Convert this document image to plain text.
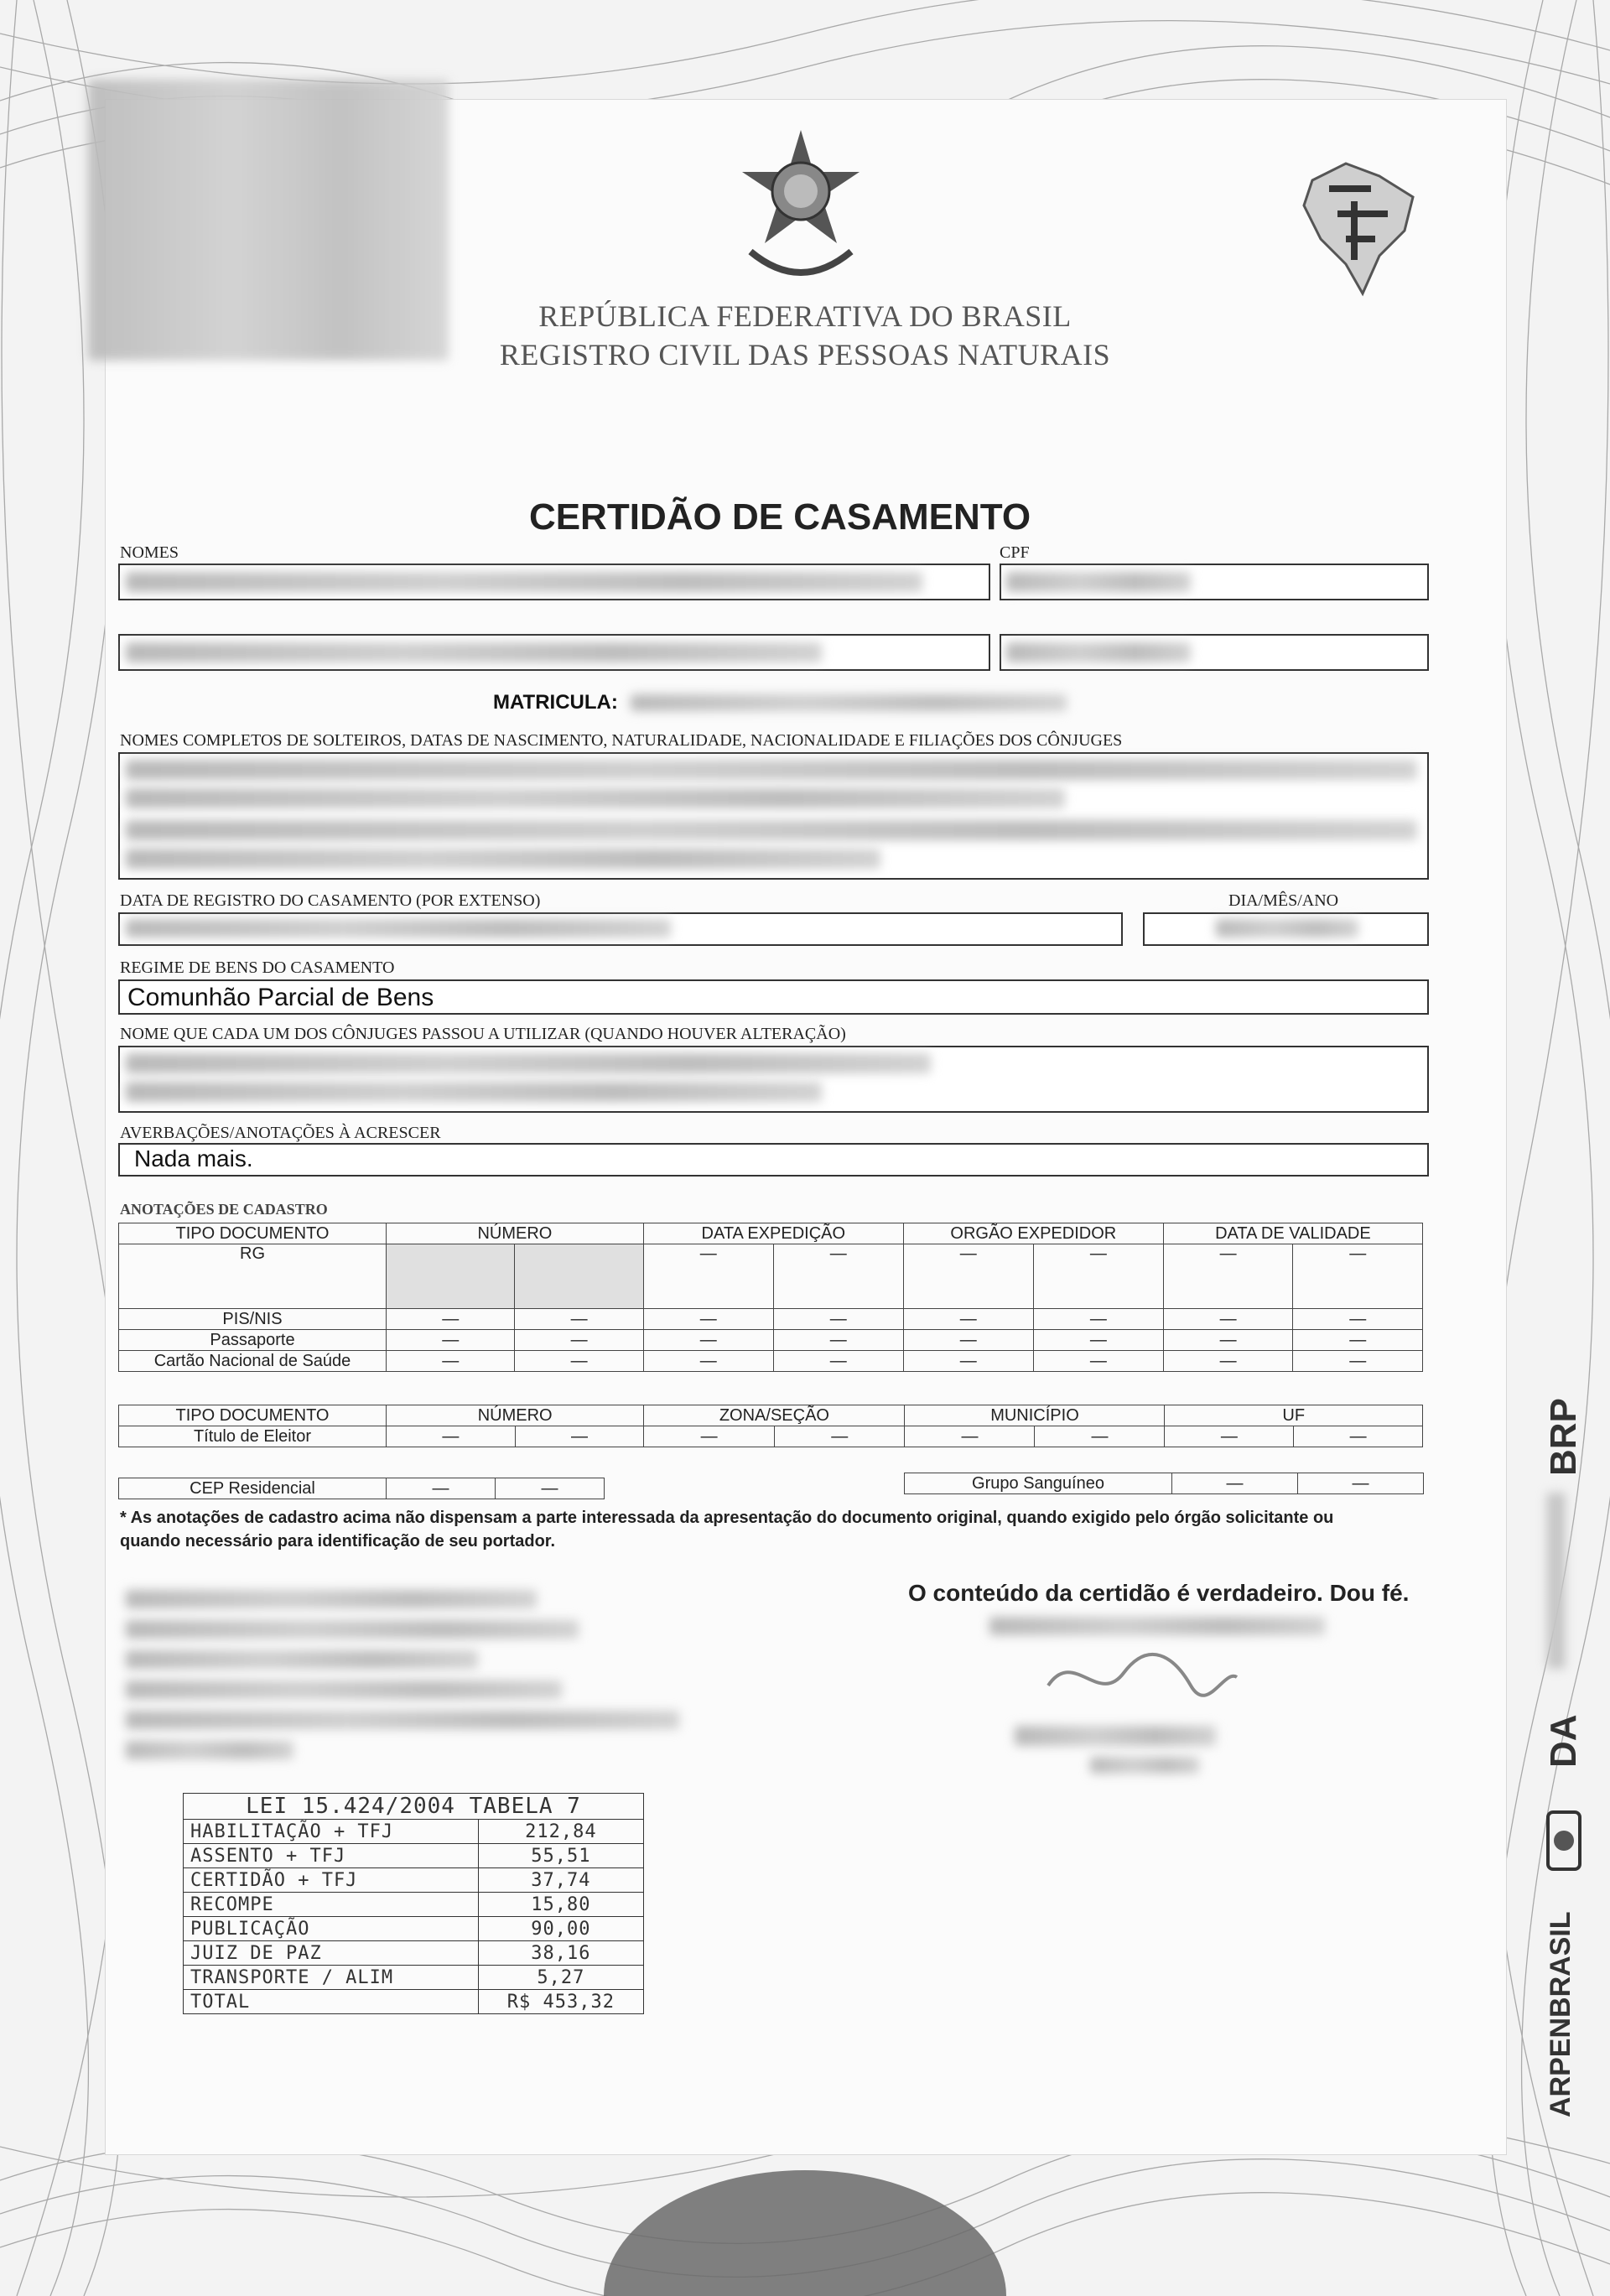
REPÚBLICA FEDERATIVA DO BRASIL
REGISTRO CIVIL DAS PESSOAS NATURAIS
CERTIDÃO DE CASAMENTO
NOMES	CPF
MATRICULA:
NOMES COMPLETOS DE SOLTEIROS, DATAS DE NASCIMENTO, NATURALIDADE, NACIONALIDADE E FILIAÇÕES DOS CÔNJUGES
DATA DE REGISTRO DO CASAMENTO (POR EXTENSO)	DIA/MÊS/ANO
REGIME DE BENS DO CASAMENTO
Comunhão Parcial de Bens
NOME QUE CADA UM DOS CÔNJUGES PASSOU A UTILIZAR (QUANDO HOUVER ALTERAÇÃO)
AVERBAÇÕES/ANOTAÇÕES À ACRESCER
Nada mais.
ANOTAÇÕES DE CADASTRO
TIPO DOCUMENTO	NÚMERO		DATA EXPEDIÇÃO		ORGÃO EXPEDIDOR		DATA DE VALIDADE	
RG			—	—	—	—	—	—
PIS/NIS	—	—	—	—	—	—	—	—
Passaporte	—	—	—	—	—	—	—	—
Cartão Nacional de Saúde	—	—	—	—	—	—	—	—
TIPO DOCUMENTO	NÚMERO		ZONA/SEÇÃO		MUNICÍPIO		UF	
Título de Eleitor	—	—	—	—	—	—	—	—
CEP Residencial	—	—	Grupo Sanguíneo	—	—
* As anotações de cadastro acima não dispensam a parte interessada da apresentação do documento original, quando exigido pelo órgão solicitante ou quando necessário para identificação de seu portador.
O conteúdo da certidão é verdadeiro. Dou fé.
LEI 15.424/2004 TABELA 7	
HABILITAÇÃO + TFJ	212,84
ASSENTO + TFJ	55,51
CERTIDÃO + TFJ	37,74
RECOMPE	15,80
PUBLICAÇÃO	90,00
JUIZ DE PAZ	38,16
TRANSPORTE / ALIM	5,27
TOTAL	R$ 453,32
BRP
DA
ARPENBRASIL
